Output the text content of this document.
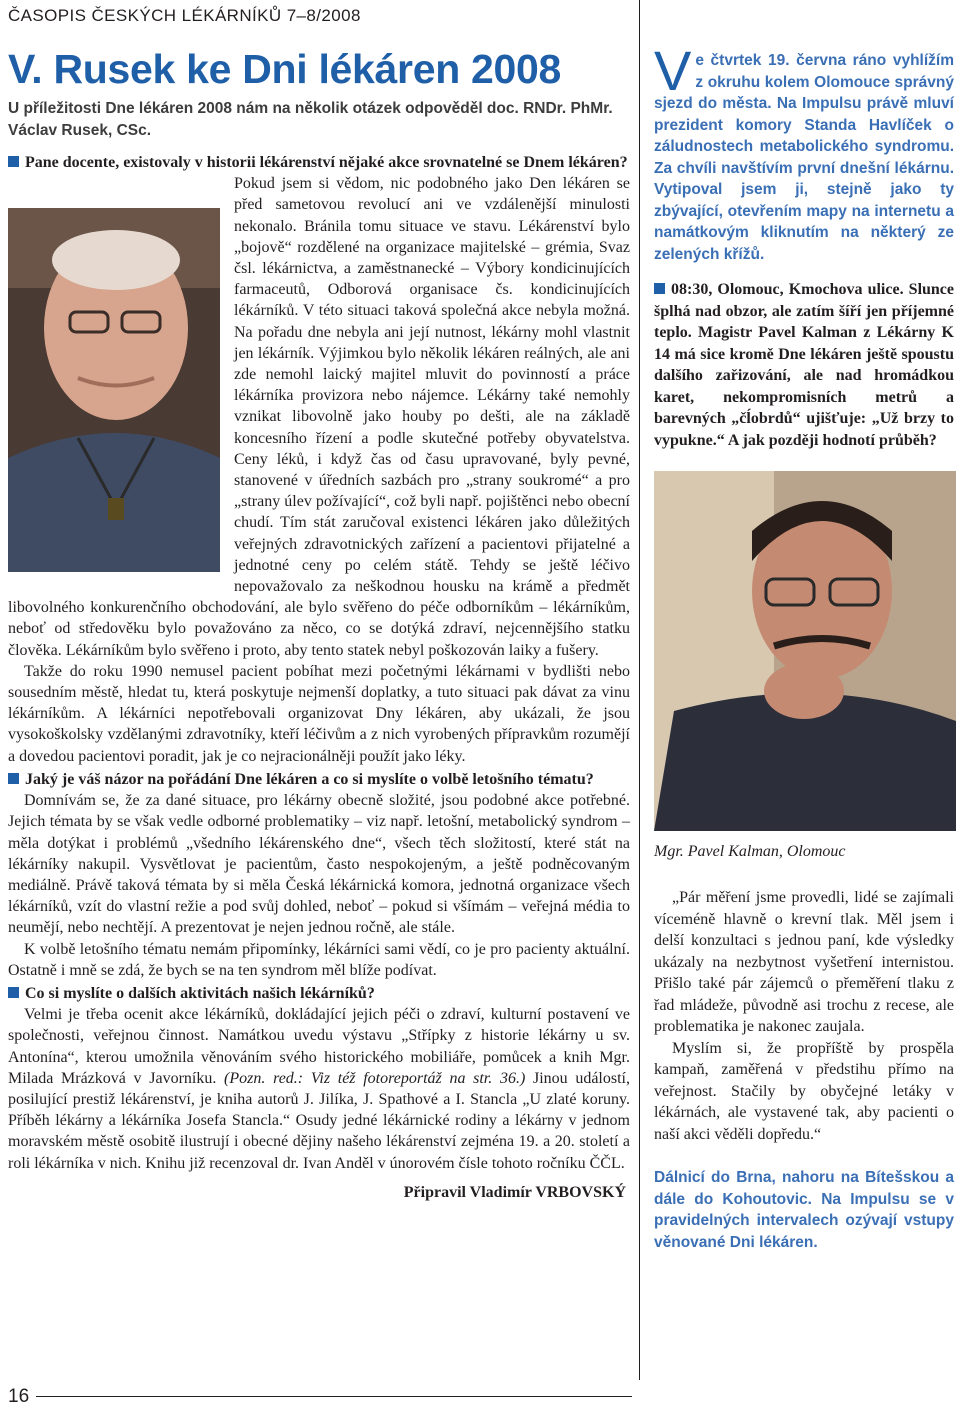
ČASOPIS ČESKÝCH LÉKÁRNÍKŮ 7–8/2008
V. Rusek ke Dni lékáren 2008
U příležitosti Dne lékáren 2008 nám na několik otázek odpověděl doc. RNDr. PhMr. Václav Rusek, CSc.

Pane docente, existovaly v historii lékárenství nějaké akce srovnatelné se Dnem lékáren?

Pokud jsem si vědom, nic podobného jako Den lékáren se před sametovou revolucí ani ve vzdálenější minulosti nekonalo. Bránila tomu situace ve stavu. Lékárenství bylo „bojově“ rozdělené na organizace majitelské – grémia, Svaz čsl. lékárnictva, a zaměstnanecké – Výbory kondicinujících farmaceutů, Odborová organisace čs. kondicinujících lékárníků. V této situaci taková společná akce nebyla možná. Na pořadu dne nebyla ani její nutnost, lékárny mohl vlastnit jen lékárník. Výjimkou bylo několik lékáren reálných, ale ani zde nemohl laický majitel mluvit do povinností a práce lékárníka provizora nebo nájemce. Lékárny také nemohly vznikat libovolně jako houby po dešti, ale na základě koncesního řízení a podle skutečné potřeby obyvatelstva. Ceny léků, i když čas od času upravované, byly pevné, stanovené v úředních sazbách pro „strany soukromé“ a pro „strany úlev požívající“, což byli např. pojištěnci nebo obecní chudí. Tím stát zaručoval existenci lékáren jako důležitých veřejných zdravotnických zařízení a pacientovi přijatelné a jednotné ceny po celém státě. Tehdy se ještě léčivo nepovažovalo za neškodnou housku na krámě a předmět libovolného konkurenčního obchodování, ale bylo svěřeno do péče odborníkům – lékárníkům, neboť od středověku bylo považováno za něco, co se dotýká zdraví, nejcennějšího statku člověka. Lékárníkům bylo svěřeno i proto, aby tento statek nebyl poškozován laiky a fušery.

Takže do roku 1990 nemusel pacient pobíhat mezi početnými lékárnami v bydlišti nebo sousedním městě, hledat tu, která poskytuje nejmenší doplatky, a tuto situaci pak dávat za vinu lékárníkům. A lékárníci nepotřebovali organizovat Dny lékáren, aby ukázali, že jsou vysokoškolsky vzdělanými zdravotníky, kteří léčivům a z nich vyrobených přípravkům rozumějí a dovedou pacientovi poradit, jak je co nejracionálněji použít jako léky.

Jaký je váš názor na pořádání Dne lékáren a co si myslíte o volbě letošního tématu?

Domnívám se, že za dané situace, pro lékárny obecně složité, jsou podobné akce potřebné. Jejich témata by se však vedle odborné problematiky – viz např. letošní, metabolický syndrom – měla dotýkat i problémů „všedního lékárenského dne“, všech těch složitostí, které stát na lékárníky nakupil. Vysvětlovat je pacientům, často nespokojeným, a ještě podněcovaným mediálně. Právě taková témata by si měla Česká lékárnická komora, jednotná organizace všech lékárníků, vzít do vlastní režie a pod svůj dohled, neboť – pokud si všímám – veřejná média to neumějí, nebo nechtějí. A prezentovat je nejen jednou ročně, ale stále.

K volbě letošního tématu nemám připomínky, lékárníci sami vědí, co je pro pacienty aktuální. Ostatně i mně se zdá, že bych se na ten syndrom měl blíže podívat.

Co si myslíte o dalších aktivitách našich lékárníků?

Velmi je třeba ocenit akce lékárníků, dokládající jejich péči o zdraví, kulturní postavení ve společnosti, veřejnou činnost. Namátkou uvedu výstavu „Střípky z historie lékárny u sv. Antonína“, kterou umožnila věnováním svého historického mobiliáře, pomůcek a knih Mgr. Milada Mrázková v Javorníku. (Pozn. red.: Viz též fotoreportáž na str. 36.) Jinou událostí, posilující prestiž lékárenství, je kniha autorů J. Jilíka, J. Spathové a I. Stancla „U zlaté koruny. Příběh lékárny a lékárníka Josefa Stancla.“ Osudy jedné lékárnické rodiny a lékárny v jednom moravském městě osobitě ilustrují i obecné dějiny našeho lékárenství zejména 19. a 20. století a roli lékárníka v nich. Knihu již recenzoval dr. Ivan Anděl v únorovém čísle tohoto ročníku ČČL.

Připravil Vladimír VRBOVSKÝ

Ve čtvrtek 19. června ráno vyhlížím z okruhu kolem Olomouce správný sjezd do města. Na Impulsu právě mluví prezident komory Standa Havlíček o záludnostech metabolického syndromu. Za chvíli navštívím první dnešní lékárnu. Vytipoval jsem ji, stejně jako ty zbývající, otevřením mapy na internetu a namátkovým kliknutím na některý ze zelených křížů.
08:30, Olomouc, Kmochova ulice. Slunce šplhá nad obzor, ale zatím šíří jen příjemné teplo. Magistr Pavel Kalman z Lékárny K 14 má sice kromě Dne lékáren ještě spoustu dalšího zařizování, ale nad hromádkou karet, nekompromisních metrů a barevných „čĺobrdů“ ujišťuje: „Už brzy to vypukne.“ A jak později hodnotí průběh?
Mgr. Pavel Kalman, Olomouc

„Pár měření jsme provedli, lidé se zajímali víceméně hlavně o krevní tlak. Měl jsem i delší konzultaci s jednou paní, kde výsledky ukázaly na nezbytnost vyšetření internistou. Přišlo také pár zájemců o přeměření tlaku z řad mládeže, původně asi trochu z recese, ale problematika je nakonec zaujala.

Myslím si, že propříště by prospěla kampaň, zaměřená v předstihu přímo na veřejnost. Stačily by obyčejné letáky v lékárnách, ale vystavené tak, aby pacienti o naší akci věděli dopředu.“

Dálnicí do Brna, nahoru na Bítešskou a dále do Kohoutovic. Na Impulsu se v pravidelných intervalech ozývají vstupy věnované Dni lékáren.
16
